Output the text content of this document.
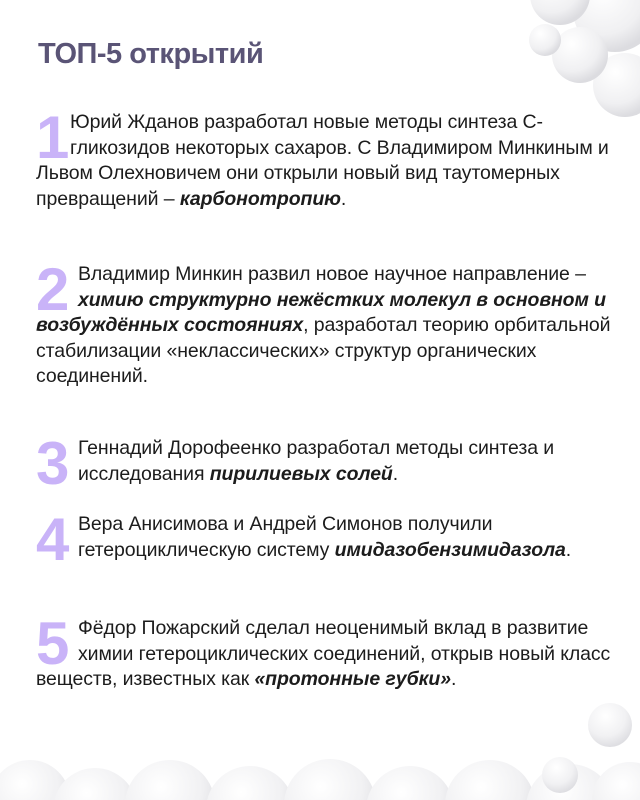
ТОП-5 открытий
1 Юрий Жданов разработал новые методы синтеза С-гликозидов некоторых сахаров. С Владимиром Минкиным и Львом Олехновичем они открыли новый вид таутомерных превращений – карбонотропию.

2 Владимир Минкин развил новое научное направление – химию структурно нежёстких молекул в основном и возбуждённых состояниях, разработал теорию орбитальной стабилизации «неклассических» структур органических соединений.

3 Геннадий Дорофеенко разработал методы синтеза и исследования пирилиевых солей.

4 Вера Анисимова и Андрей Симонов получили гетероциклическую систему имидазобензимидазола.

5 Фёдор Пожарский сделал неоценимый вклад в развитие химии гетероциклических соединений, открыв новый класс веществ, известных как «протонные губки».
